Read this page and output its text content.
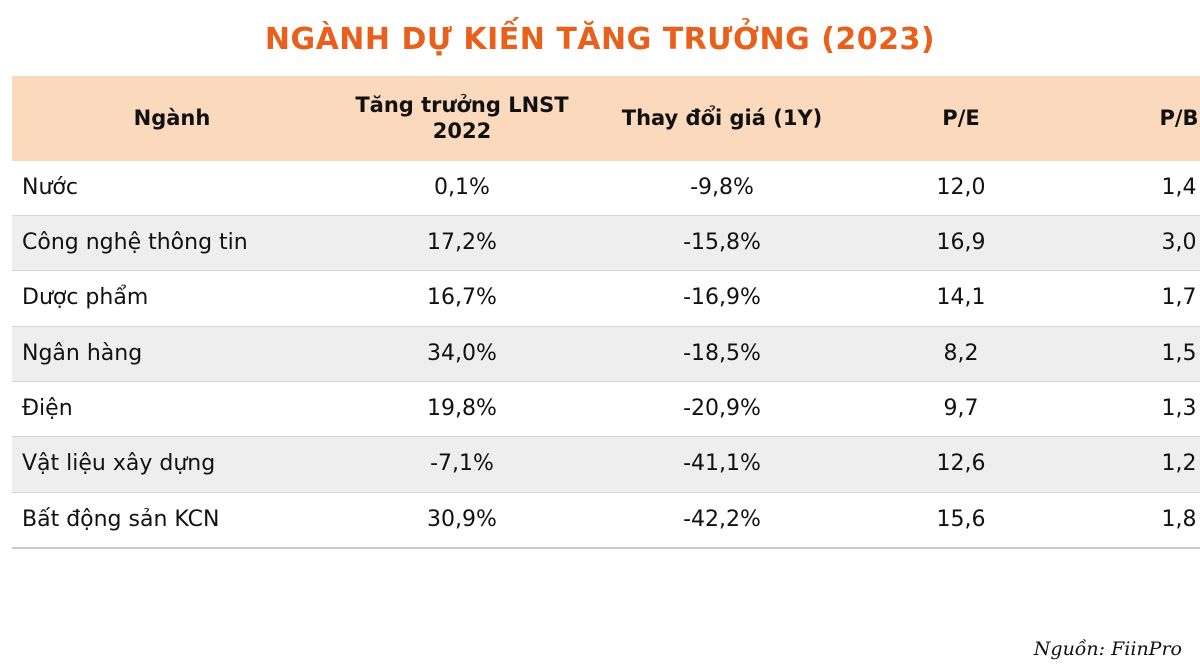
NGÀNH DỰ KIẾN TĂNG TRƯỞNG (2023)
Ngành	Tăng trưởng LNST 2022	Thay đổi giá (1Y)	P/E	P/B
Nước	0,1%	-9,8%	12,0	1,4
Công nghệ thông tin	17,2%	-15,8%	16,9	3,0
Dược phẩm	16,7%	-16,9%	14,1	1,7
Ngân hàng	34,0%	-18,5%	8,2	1,5
Điện	19,8%	-20,9%	9,7	1,3
Vật liệu xây dựng	-7,1%	-41,1%	12,6	1,2
Bất động sản KCN	30,9%	-42,2%	15,6	1,8
Nguồn: FiinPro
